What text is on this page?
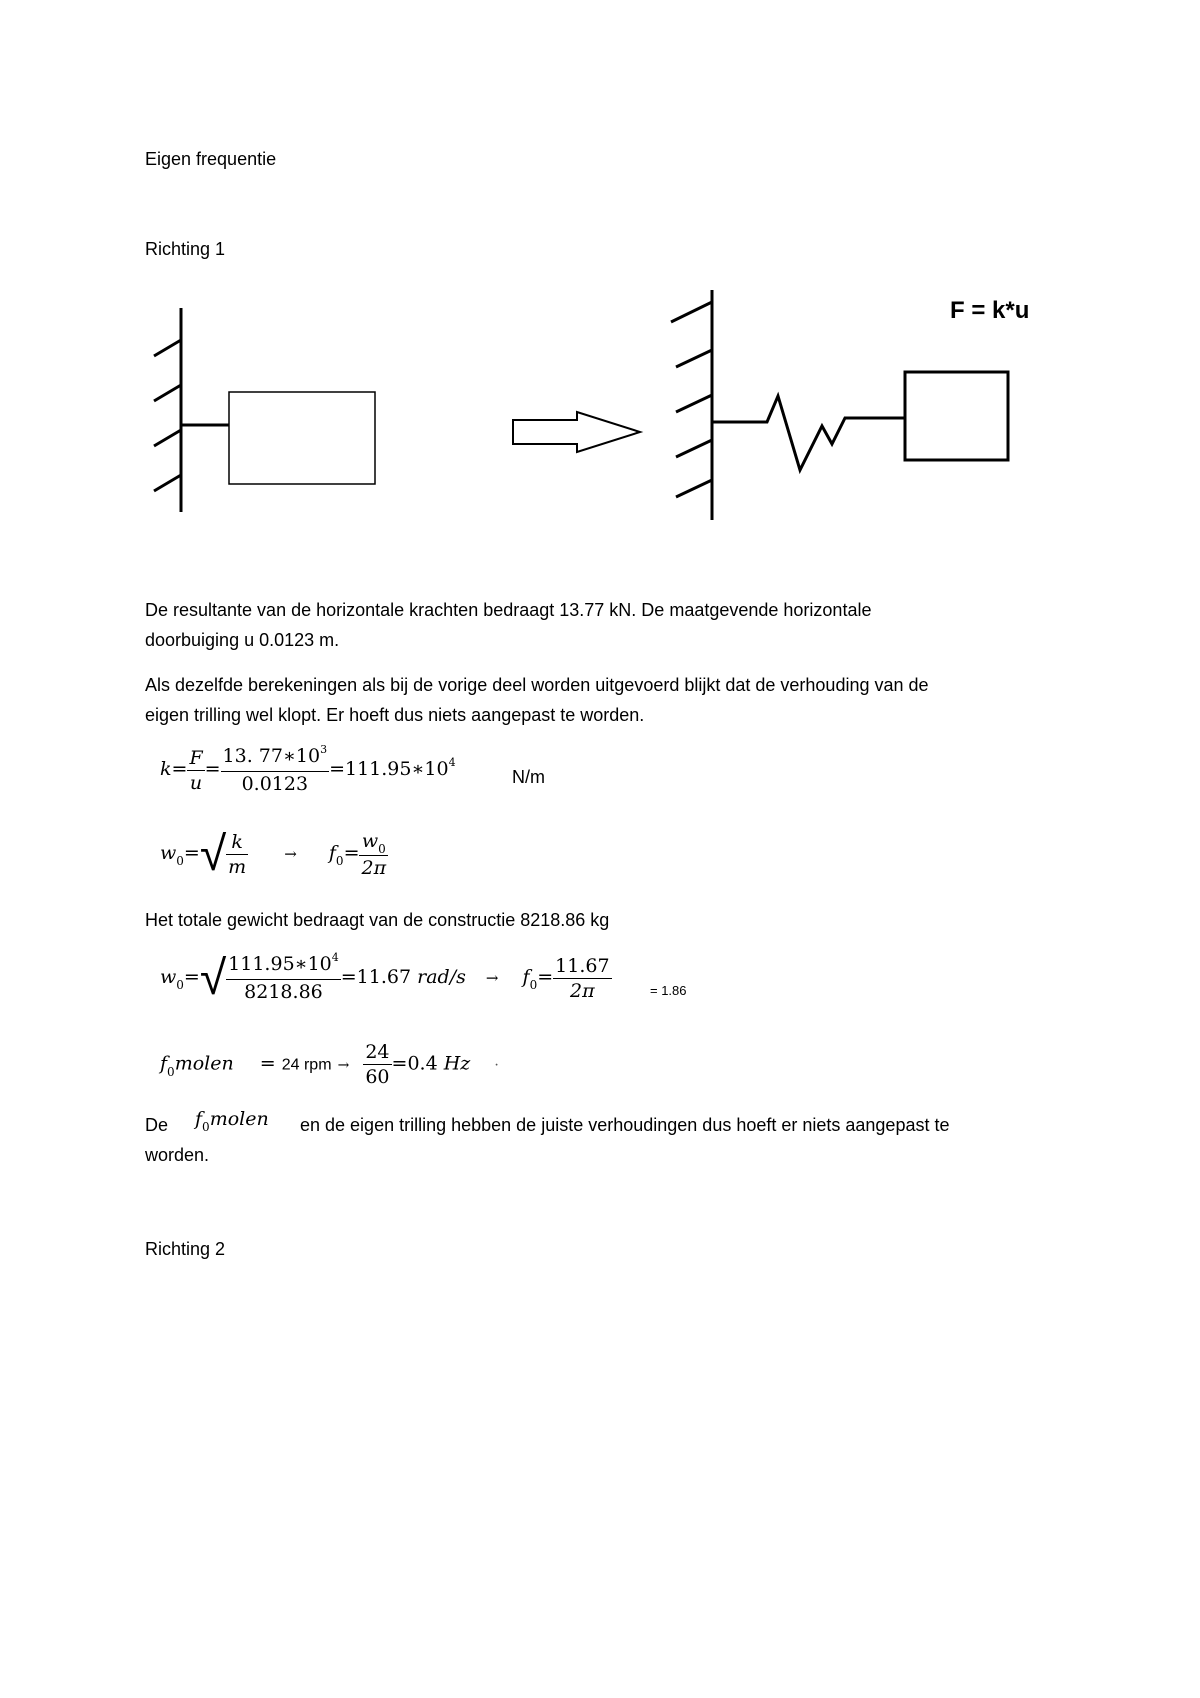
Eigen frequentie
Richting 1
F = k*u
De resultante van de horizontale krachten bedraagt 13.77 kN. De maatgevende horizontale
doorbuiging u 0.0123 m.
Als dezelfde berekeningen als bij de vorige deel worden uitgevoerd blijkt dat de verhouding van de
eigen trilling wel klopt. Er hoeft dus niets aangepast te worden.
$k= \frac{F}{u} = \frac{13. 77∗10^3}{0.0123}$ $=111.95∗10^4$
N/m
$w_0=√ \frac{k}{m} \to f_0= \frac{w_0}{2\pi}$
Het totale gewicht bedraagt van de constructie 8218.86 kg
$w_0=√ \frac{111.95∗10^4}{8218.86} =11.67$ $rad/s \to f_0= \frac{11.67}{2\pi}$	= 1.86
$f_0molen = 24$ rpm → $\frac{24}{60} =0.4$ Hz ·
De $f_0molen$ en de eigen trilling hebben de juiste verhoudingen dus hoeft er niets aangepast te
worden.
Richting 2
